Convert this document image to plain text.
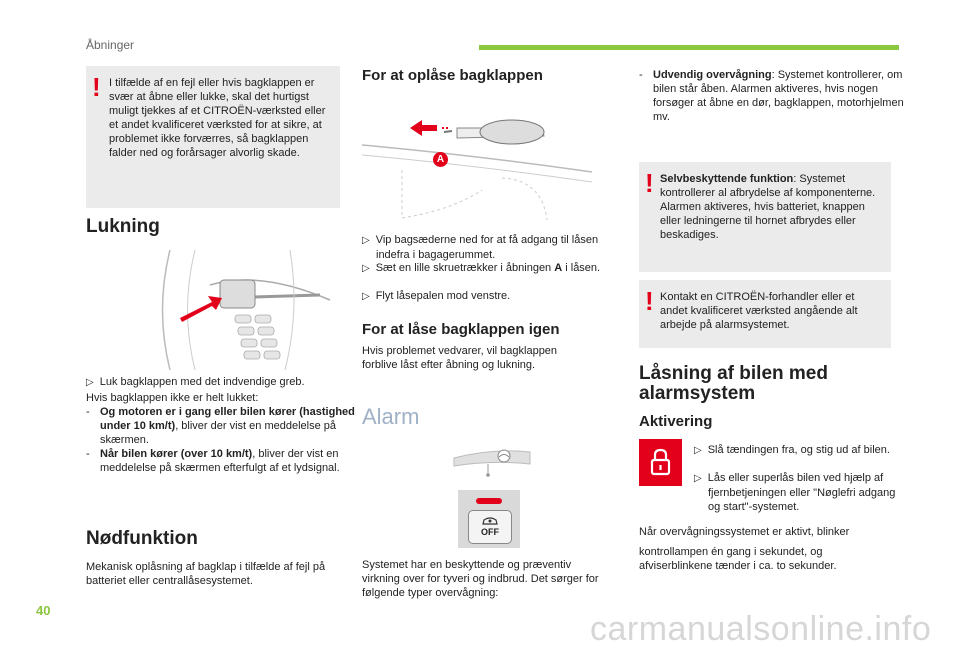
Åbninger
! I tilfælde af en fejl eller hvis bagklappen er svær at åbne eller lukke, skal det hurtigst muligt tjekkes af et CITROËN-værksted eller et andet kvalificeret værksted for at sikre, at problemet ikke forværres, så bagklappen falder ned og forårsager alvorlig skade.
Lukning
▷ Luk bagklappen med det indvendige greb.
Hvis bagklappen ikke er helt lukket:
- Og motoren er i gang eller bilen kører (hastighed under 10 km/t), bliver der vist en meddelelse på skærmen.
- Når bilen kører (over 10 km/t), bliver der vist en meddelelse på skærmen efterfulgt af et lydsignal.
Nødfunktion
Mekanisk oplåsning af bagklap i tilfælde af fejl på batteriet eller centrallåsesystemet.
For at oplåse bagklappen
A
▷ Vip bagsæderne ned for at få adgang til låsen indefra i bagagerummet.
▷ Sæt en lille skruetrækker i åbningen A i låsen.
▷ Flyt låsepalen mod venstre.
For at låse bagklappen igen
Hvis problemet vedvarer, vil bagklappen forblive låst efter åbning og lukning.
Alarm
OFF
Systemet har en beskyttende og præventiv virkning over for tyveri og indbrud. Det sørger for følgende typer overvågning:
- Udvendig overvågning: Systemet kontrollerer, om bilen står åben. Alarmen aktiveres, hvis nogen forsøger at åbne en dør, bagklappen, motorhjelmen mv.
! Selvbeskyttende funktion: Systemet kontrollerer al afbrydelse af komponenterne. Alarmen aktiveres, hvis batteriet, knappen eller ledningerne til hornet afbrydes eller beskadiges.
! Kontakt en CITROËN-forhandler eller et andet kvalificeret værksted angående alt arbejde på alarmsystemet.
Låsning af bilen med
alarmsystem
Aktivering
▷ Slå tændingen fra, og stig ud af bilen.
▷ Lås eller superlås bilen ved hjælp af fjernbetjeningen eller "Nøglefri adgang og start"-systemet.
Når overvågningssystemet er aktivt, blinker
kontrollampen én gang i sekundet, og afviserblinkene tænder i ca. to sekunder.
40	carmanualsonline.info
